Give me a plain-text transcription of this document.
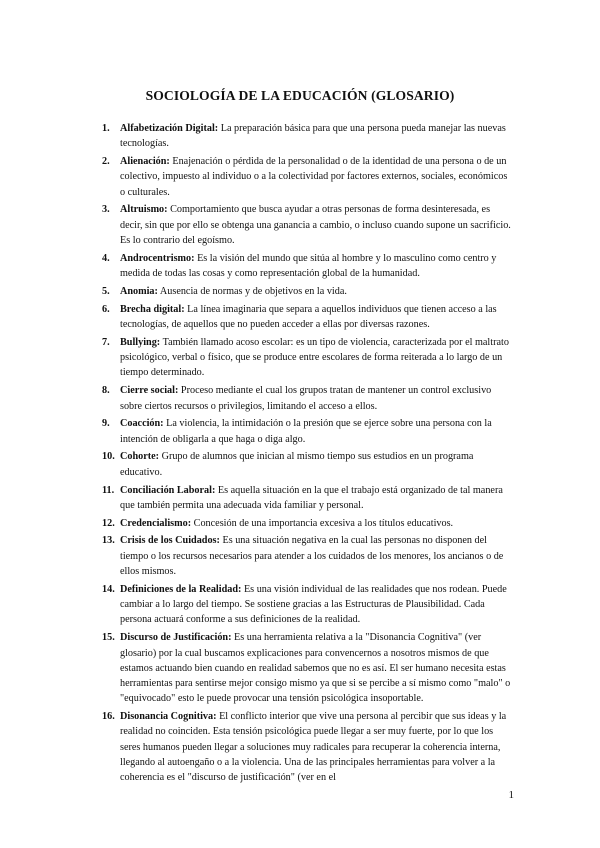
SOCIOLOGÍA DE LA EDUCACIÓN (GLOSARIO)
1. Alfabetización Digital: La preparación básica para que una persona pueda manejar las nuevas tecnologías.
2. Alienación: Enajenación o pérdida de la personalidad o de la identidad de una persona o de un colectivo, impuesto al individuo o a la colectividad por factores externos, sociales, económicos o culturales.
3. Altruismo: Comportamiento que busca ayudar a otras personas de forma desinteresada, es decir, sin que por ello se obtenga una ganancia a cambio, o incluso cuando supone un sacrificio. Es lo contrario del egoísmo.
4. Androcentrismo: Es la visión del mundo que sitúa al hombre y lo masculino como centro y medida de todas las cosas y como representación global de la humanidad.
5. Anomia: Ausencia de normas y de objetivos en la vida.
6. Brecha digital: La línea imaginaria que separa a aquellos individuos que tienen acceso a las tecnologías, de aquellos que no pueden acceder a ellas por diversas razones.
7. Bullying: También llamado acoso escolar: es un tipo de violencia, caracterizada por el maltrato psicológico, verbal o físico, que se produce entre escolares de forma reiterada a lo largo de un tiempo determinado.
8. Cierre social: Proceso mediante el cual los grupos tratan de mantener un control exclusivo sobre ciertos recursos o privilegios, limitando el acceso a ellos.
9. Coacción: La violencia, la intimidación o la presión que se ejerce sobre una persona con la intención de obligarla a que haga o diga algo.
10. Cohorte: Grupo de alumnos que inician al mismo tiempo sus estudios en un programa educativo.
11. Conciliación Laboral: Es aquella situación en la que el trabajo está organizado de tal manera que también permita una adecuada vida familiar y personal.
12. Credencialismo: Concesión de una importancia excesiva a los títulos educativos.
13. Crisis de los Cuidados: Es una situación negativa en la cual las personas no disponen del tiempo o los recursos necesarios para atender a los cuidados de los menores, los ancianos o de ellos mismos.
14. Definiciones de la Realidad: Es una visión individual de las realidades que nos rodean. Puede cambiar a lo largo del tiempo. Se sostiene gracias a las Estructuras de Plausibilidad. Cada persona actuará conforme a sus definiciones de la realidad.
15. Discurso de Justificación: Es una herramienta relativa a la "Disonancia Cognitiva" (ver glosario) por la cual buscamos explicaciones para convencernos a nosotros mismos de que estamos actuando bien cuando en realidad sabemos que no es así. El ser humano necesita estas herramientas para sentirse mejor consigo mismo ya que si se percibe a sí mismo como "malo" o "equivocado" esto le puede provocar una tensión psicológica insoportable.
16. Disonancia Cognitiva: El conflicto interior que vive una persona al percibir que sus ideas y la realidad no coinciden. Esta tensión psicológica puede llegar a ser muy fuerte, por lo que los seres humanos pueden llegar a soluciones muy radicales para recuperar la coherencia interna, llegando al autoengaño o a la violencia. Una de las principales herramientas para volver a la coherencia es el "discurso de justificación" (ver en el
1
